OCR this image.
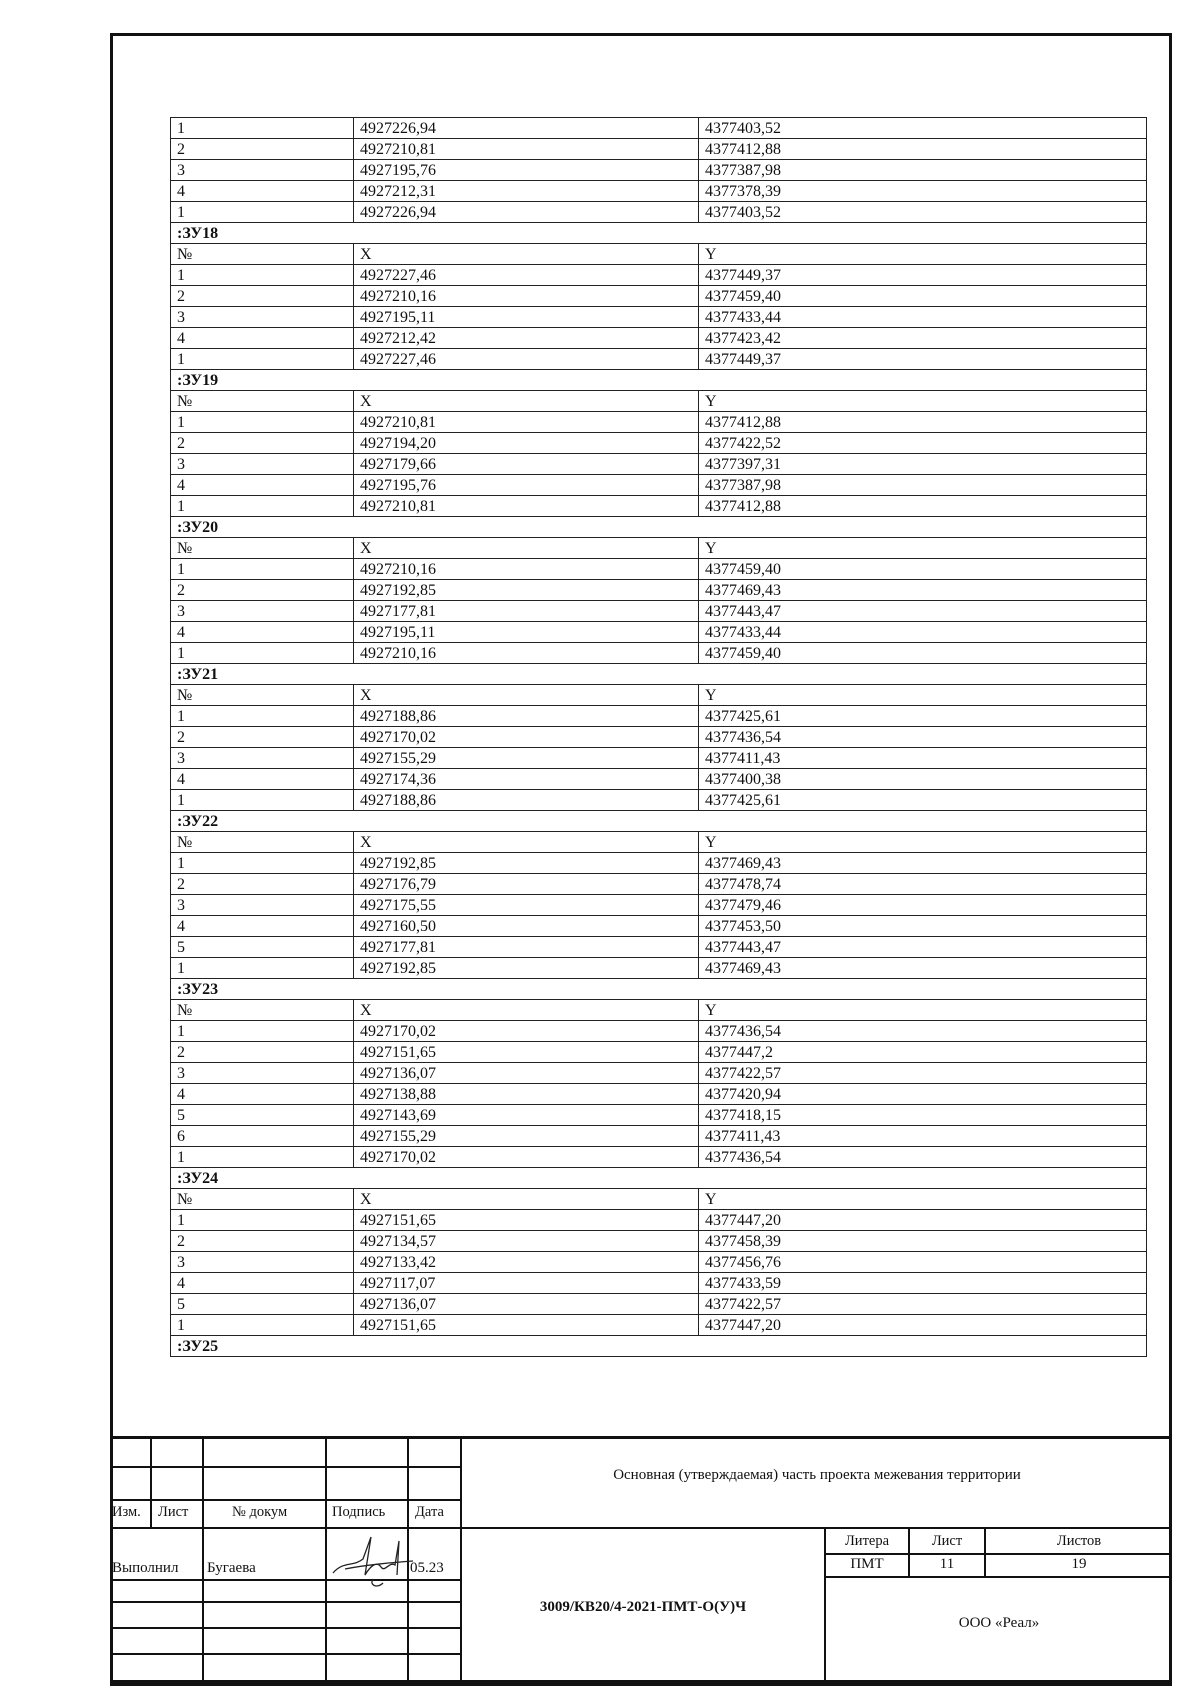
1	4927226,94	4377403,52
2	4927210,81	4377412,88
3	4927195,76	4377387,98
4	4927212,31	4377378,39
1	4927226,94	4377403,52
:ЗУ18		
№	X	Y
1	4927227,46	4377449,37
2	4927210,16	4377459,40
3	4927195,11	4377433,44
4	4927212,42	4377423,42
1	4927227,46	4377449,37
:ЗУ19		
№	X	Y
1	4927210,81	4377412,88
2	4927194,20	4377422,52
3	4927179,66	4377397,31
4	4927195,76	4377387,98
1	4927210,81	4377412,88
:ЗУ20		
№	X	Y
1	4927210,16	4377459,40
2	4927192,85	4377469,43
3	4927177,81	4377443,47
4	4927195,11	4377433,44
1	4927210,16	4377459,40
:ЗУ21		
№	X	Y
1	4927188,86	4377425,61
2	4927170,02	4377436,54
3	4927155,29	4377411,43
4	4927174,36	4377400,38
1	4927188,86	4377425,61
:ЗУ22		
№	X	Y
1	4927192,85	4377469,43
2	4927176,79	4377478,74
3	4927175,55	4377479,46
4	4927160,50	4377453,50
5	4927177,81	4377443,47
1	4927192,85	4377469,43
:ЗУ23		
№	X	Y
1	4927170,02	4377436,54
2	4927151,65	4377447,2
3	4927136,07	4377422,57
4	4927138,88	4377420,94
5	4927143,69	4377418,15
6	4927155,29	4377411,43
1	4927170,02	4377436,54
:ЗУ24		
№	X	Y
1	4927151,65	4377447,20
2	4927134,57	4377458,39
3	4927133,42	4377456,76
4	4927117,07	4377433,59
5	4927136,07	4377422,57
1	4927151,65	4377447,20
:ЗУ25		
Изм. Лист	№ докум	Подпись Дата
Выполнил Бугаева	05.23
Основная (утверждаемая) часть проекта межевания территории
3009/КВ20/4-2021-ПМТ-О(У)Ч
Литера	Лист	Листов
ПМТ	11	19
ООО «Реал»
